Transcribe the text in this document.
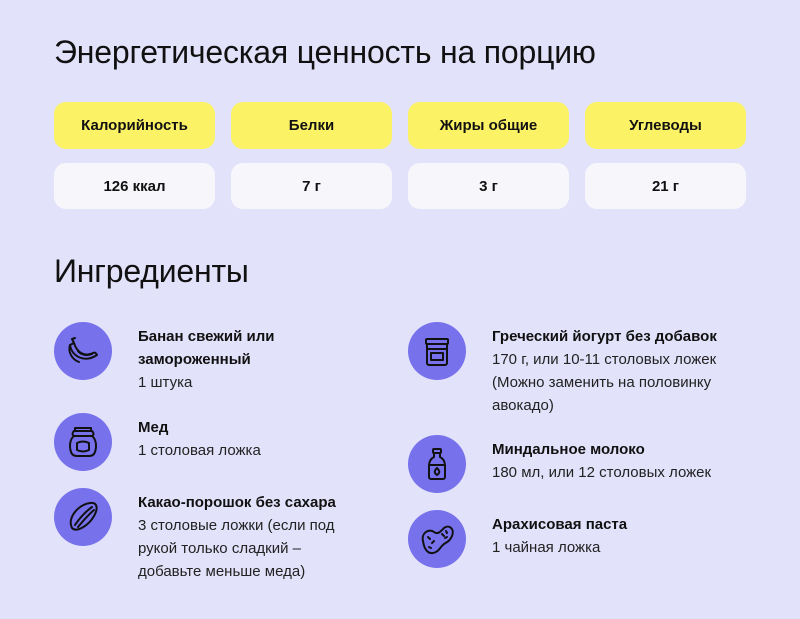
Энергетическая ценность на порцию
Калорийность
126 ккал
Белки
7 г
Жиры общие
3 г
Углеводы
21 г
Ингредиенты
Банан свежий или замороженный
1 штука
Мед
1 столовая ложка
Какао-порошок без сахара
3 столовые ложки (если под рукой только сладкий – добавьте меньше меда)
Греческий йогурт без добавок
170 г, или 10-11 столовых ложек (Можно заменить на половинку авокадо)
Миндальное молоко
180 мл, или 12 столовых ложек
Арахисовая паста
1 чайная ложка
